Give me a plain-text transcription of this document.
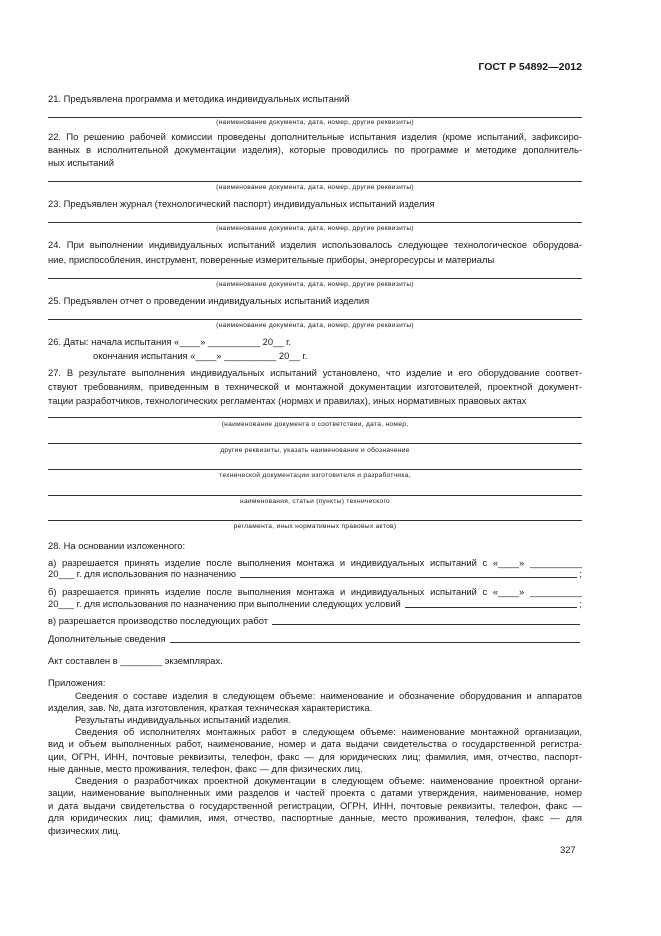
ГОСТ Р 54892—2012
21. Предъявлена программа и методика индивидуальных испытаний
(наименование документа, дата, номер, другие реквизиты)
22. По решению рабочей комиссии проведены дополнительные испытания изделия (кроме испытаний, зафиксиро-
ванных в исполнительной документации изделия), которые проводились по программе и методике дополнитель-
ных испытаний
(наименование документа, дата, номер, другие реквизиты)
23. Предъявлен журнал (технологический паспорт) индивидуальных испытаний изделия
(наименование документа, дата, номер, другие реквизиты)
24. При выполнении индивидуальных испытаний изделия использовалось следующее технологическое оборудова-
ние, приспособления, инструмент, поверенные измерительные приборы, энергоресурсы и материалы
(наименование документа, дата, номер, другие реквизиты)
25. Предъявлен отчет о проведении индивидуальных испытаний изделия
(наименование документа, дата, номер, другие реквизиты)
26. Даты: начала испытания «____» __________ 20__ г.
окончания испытания «____» __________ 20__ г.
27. В результате выполнения индивидуальных испытаний установлено, что изделие и его оборудование соответ-
ствуют требованиям, приведенным в технической и монтажной документации изготовителей, проектной документ-
тации разработчиков, технологических регламентах (нормах и правилах), иных нормативных правовых актах
(наименование документа о соответствии, дата, номер,
другие реквизиты, указать наименование и обозначение
технической документации изготовителя и разработчика,
наименования, статьи (пункты) технического
регламента, иных нормативных правовых актов)
28. На основании изложенного:
а) разрешается принять изделие после выполнения монтажа и индивидуальных испытаний с «____» __________
20___ г. для использования по назначению	;
б) разрешается принять изделие после выполнения монтажа и индивидуальных испытаний с «____» __________
20___ г. для использования по назначению при выполнении следующих условий	;
в) разрешается производство последующих работ
Дополнительные сведения
Акт составлен в ________ экземплярах.
Приложения:
Сведения о составе изделия в следующем объеме: наименование и обозначение оборудования и аппаратов
изделия, зав. №, дата изготовления, краткая техническая характеристика.
Результаты индивидуальных испытаний изделия.
Сведения об исполнителях монтажных работ в следующем объеме: наименование монтажной организации,
вид и объем выполненных работ, наименование, номер и дата выдачи свидетельства о государственной регистра-
ции, ОГРН, ИНН, почтовые реквизиты, телефон, факс — для юридических лиц; фамилия, имя, отчество, паспорт-
ные данные, место проживания, телефон, факс — для физических лиц.
Сведения о разработчиках проектной документации в следующем объеме: наименование проектной органи-
зации, наименование выполненных ими разделов и частей проекта с датами утверждения, наименование, номер
и дата выдачи свидетельства о государственной регистрации, ОГРН, ИНН, почтовые реквизиты, телефон, факс —
для юридических лиц; фамилия, имя, отчество, паспортные данные, место проживания, телефон, факс — для
физических лиц.
327
